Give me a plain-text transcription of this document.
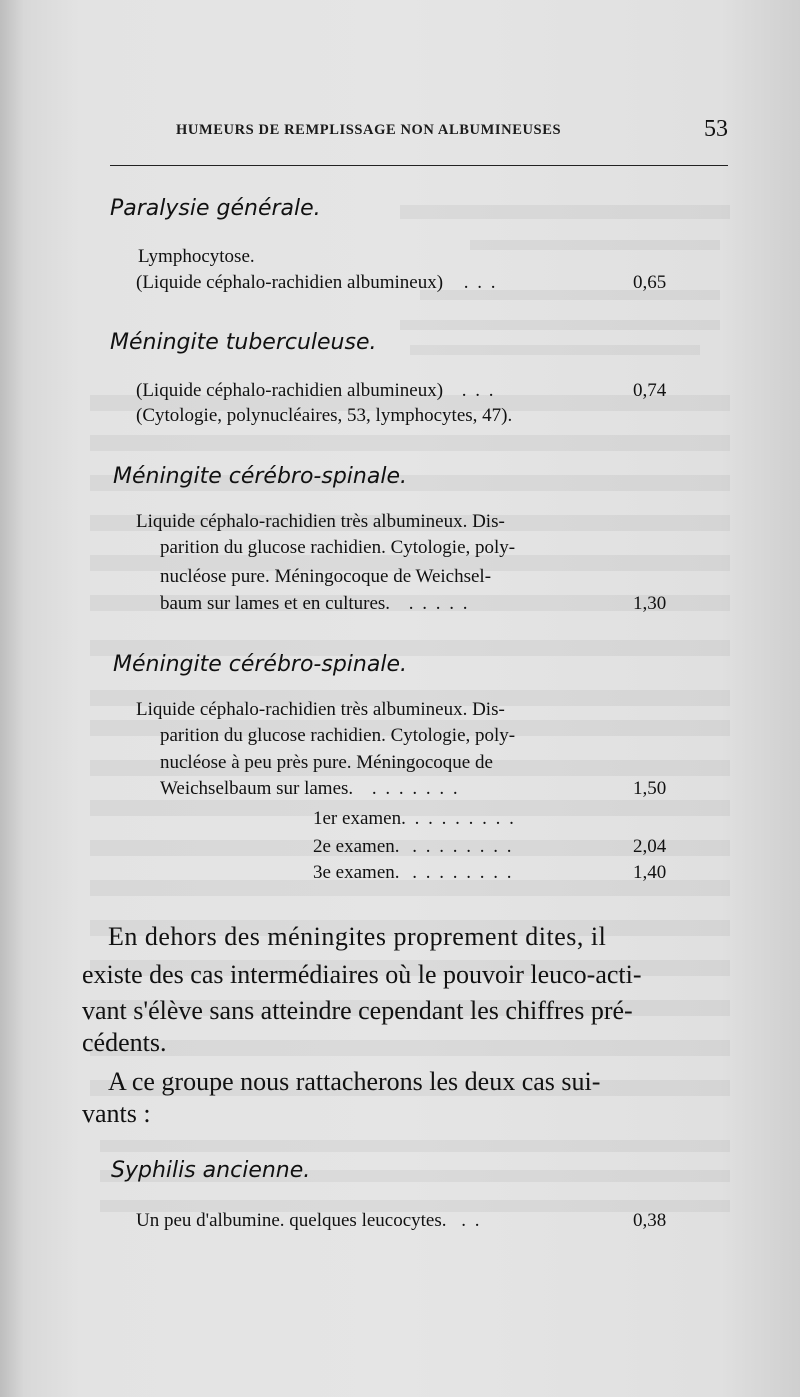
HUMEURS DE REMPLISSAGE NON ALBUMINEUSES	53
Paralysie générale.
Lymphocytose.
(Liquide céphalo-rachidien albumineux) . . .	0,65
Méningite tuberculeuse.
(Liquide céphalo-rachidien albumineux) . . .	0,74
(Cytologie, polynucléaires, 53, lymphocytes, 47).
Méningite cérébro-spinale.
Liquide céphalo-rachidien très albumineux. Dis-
parition du glucose rachidien. Cytologie, poly-
nucléose pure. Méningocoque de Weichsel-
baum sur lames et en cultures. . . . . .	1,30
Méningite cérébro-spinale.
Liquide céphalo-rachidien très albumineux. Dis-
parition du glucose rachidien. Cytologie, poly-
nucléose à peu près pure. Méningocoque de
Weichselbaum sur lames. . . . . . . .	1,50
1er examen. . . . . . . . .
2e examen. . . . . . . . .	2,04
3e examen. . . . . . . . .	1,40
En dehors des méningites proprement dites, il
existe des cas intermédiaires où le pouvoir leuco-acti-
vant s'élève sans atteindre cependant les chiffres pré-
cédents.
A ce groupe nous rattacherons les deux cas sui-
vants :
Syphilis ancienne.
Un peu d'albumine. quelques leucocytes. . .	0,38
